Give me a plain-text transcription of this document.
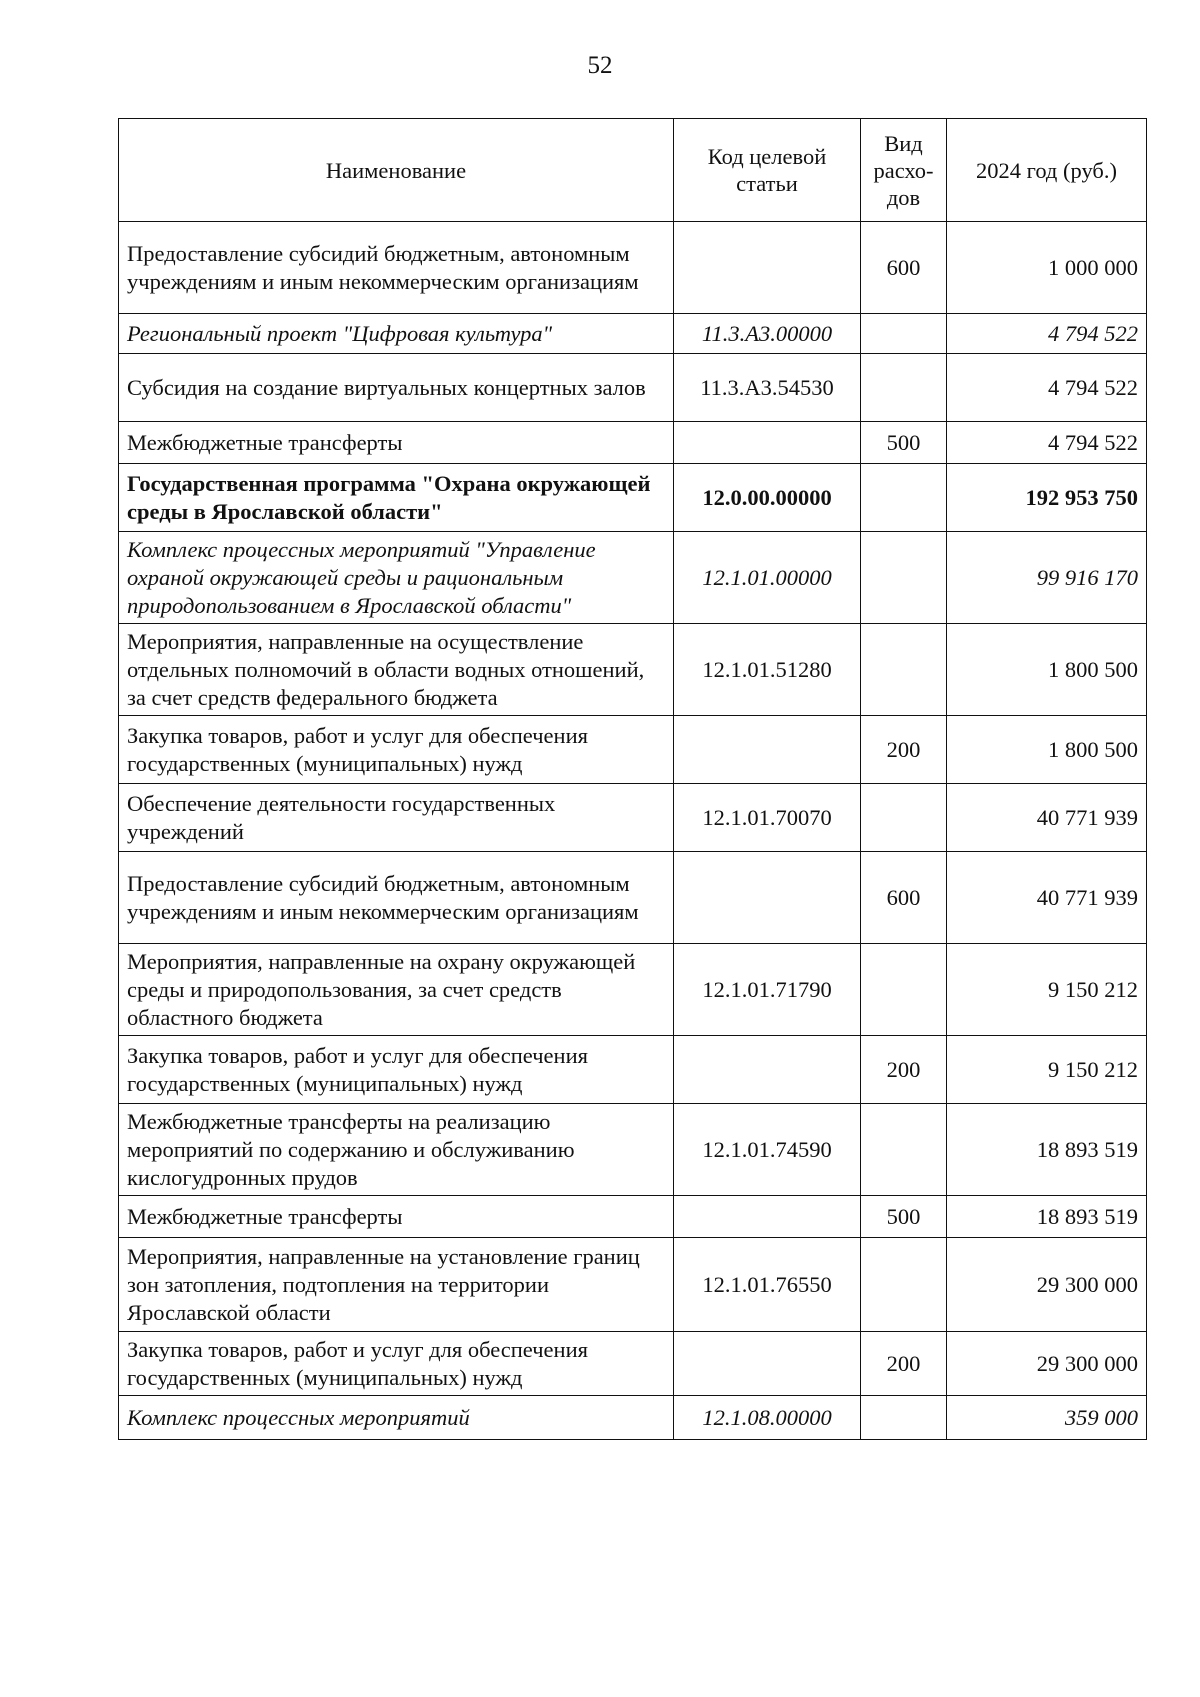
52
Наименование	Код целевой статьи	Вид расхо-дов	2024 год (руб.)
Предоставление субсидий бюджетным, автономным учреждениям и иным некоммерческим организациям		600	1 000 000
Региональный проект "Цифровая культура"	11.3.А3.00000		4 794 522
Субсидия на создание виртуальных концертных залов	11.3.А3.54530		4 794 522
Межбюджетные трансферты		500	4 794 522
Государственная программа "Охрана окружающей среды в Ярославской области"	12.0.00.00000		192 953 750
Комплекс процессных мероприятий "Управление охраной окружающей среды и рациональным природопользованием в Ярославской области"	12.1.01.00000		99 916 170
Мероприятия, направленные на осуществление отдельных полномочий в области водных отношений, за счет средств федерального бюджета	12.1.01.51280		1 800 500
Закупка товаров, работ и услуг для обеспечения государственных (муниципальных) нужд		200	1 800 500
Обеспечение деятельности государственных учреждений	12.1.01.70070		40 771 939
Предоставление субсидий бюджетным, автономным учреждениям и иным некоммерческим организациям		600	40 771 939
Мероприятия, направленные на охрану окружающей среды и природопользования, за счет средств областного бюджета	12.1.01.71790		9 150 212
Закупка товаров, работ и услуг для обеспечения государственных (муниципальных) нужд		200	9 150 212
Межбюджетные трансферты на реализацию мероприятий по содержанию и обслуживанию кислогудронных прудов	12.1.01.74590		18 893 519
Межбюджетные трансферты		500	18 893 519
Мероприятия, направленные на установление границ зон затопления, подтопления на территории Ярославской области	12.1.01.76550		29 300 000
Закупка товаров, работ и услуг для обеспечения государственных (муниципальных) нужд		200	29 300 000
Комплекс процессных мероприятий	12.1.08.00000		359 000
